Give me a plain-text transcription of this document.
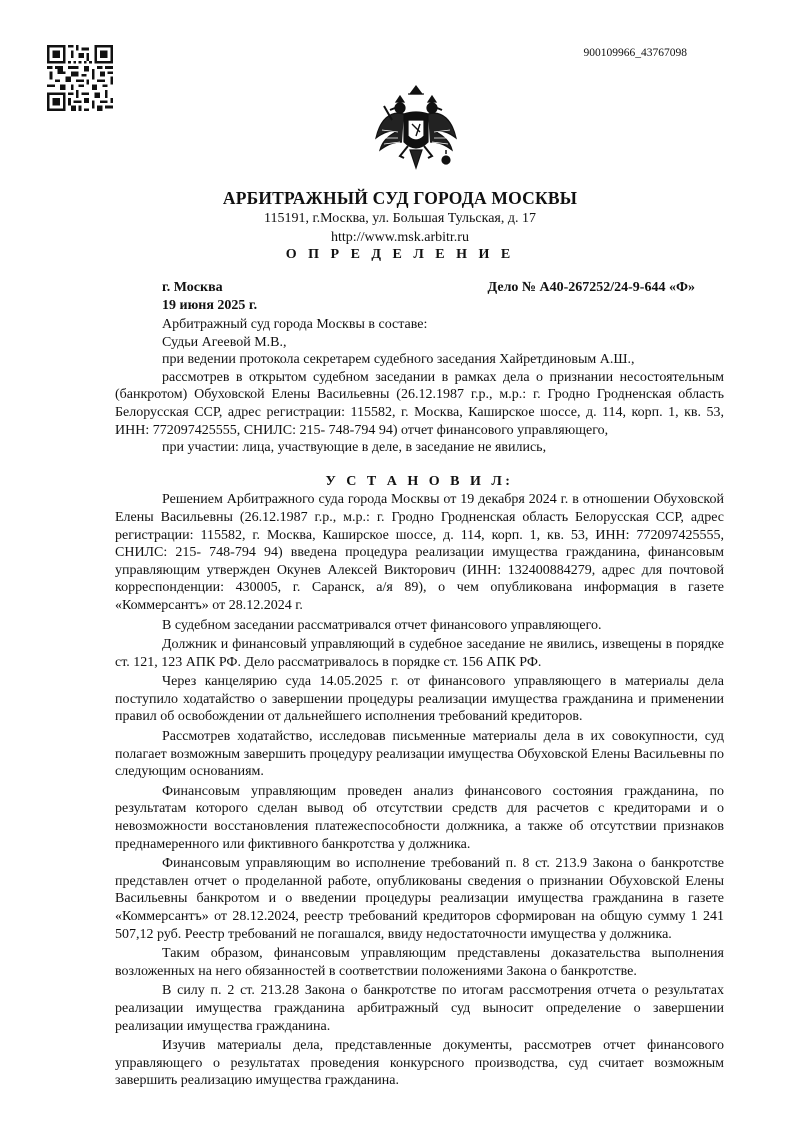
900109966_43767098
АРБИТРАЖНЫЙ СУД ГОРОДА МОСКВЫ
115191, г.Москва, ул. Большая Тульская, д. 17
http://www.msk.arbitr.ru
О П Р Е Д Е Л Е Н И Е
г. Москва	Дело № А40-267252/24-9-644 «Ф»
19 июня 2025 г.

Арбитражный суд города Москвы в составе:

Судьи Агеевой М.В.,

при ведении протокола секретарем судебного заседания Хайретдиновым А.Ш.,

рассмотрев в открытом судебном заседании в рамках дела о признании несостоятельным (банкротом) Обуховской Елены Васильевны (26.12.1987 г.р., м.р.: г. Гродно Гродненская область Белорусская ССР, адрес регистрации: 115582, г. Москва, Каширское шоссе, д. 114, корп. 1, кв. 53, ИНН: 772097425555, СНИЛС: 215- 748-794 94) отчет финансового управляющего,

при участии: лица, участвующие в деле, в заседание не явились,

У С Т А Н О В И Л:

Решением Арбитражного суда города Москвы от 19 декабря 2024 г. в отношении Обуховской Елены Васильевны (26.12.1987 г.р., м.р.: г. Гродно Гродненская область Белорусская ССР, адрес регистрации: 115582, г. Москва, Каширское шоссе, д. 114, корп. 1, кв. 53, ИНН: 772097425555, СНИЛС: 215- 748-794 94) введена процедура реализации имущества гражданина, финансовым управляющим утвержден Окунев Алексей Викторович (ИНН: 132400884279, адрес для почтовой корреспонденции: 430005, г. Саранск, а/я 89), о чем опубликована информация в газете «Коммерсантъ» от 28.12.2024 г.

В судебном заседании рассматривался отчет финансового управляющего.

Должник и финансовый управляющий в судебное заседание не явились, извещены в порядке ст. 121, 123 АПК РФ. Дело рассматривалось в порядке ст. 156 АПК РФ.

Через канцелярию суда 14.05.2025 г. от финансового управляющего в материалы дела поступило ходатайство о завершении процедуры реализации имущества гражданина и применении правил об освобождении от дальнейшего исполнения требований кредиторов.

Рассмотрев ходатайство, исследовав письменные материалы дела в их совокупности, суд полагает возможным завершить процедуру реализации имущества Обуховской Елены Васильевны по следующим основаниям.

Финансовым управляющим проведен анализ финансового состояния гражданина, по результатам которого сделан вывод об отсутствии средств для расчетов с кредиторами и о невозможности восстановления платежеспособности должника, а также об отсутствии признаков преднамеренного или фиктивного банкротства у должника.

Финансовым управляющим во исполнение требований п. 8 ст. 213.9 Закона о банкротстве представлен отчет о проделанной работе, опубликованы сведения о признании Обуховской Елены Васильевны банкротом и о введении процедуры реализации имущества гражданина в газете «Коммерсантъ» от 28.12.2024, реестр требований кредиторов сформирован на общую сумму 1 241 507,12 руб. Реестр требований не погашался, ввиду недостаточности имущества у должника.

Таким образом, финансовым управляющим представлены доказательства выполнения возложенных на него обязанностей в соответствии положениями Закона о банкротстве.

В силу п. 2 ст. 213.28 Закона о банкротстве по итогам рассмотрения отчета о результатах реализации имущества гражданина арбитражный суд выносит определение о завершении реализации имущества гражданина.

Изучив материалы дела, представленные документы, рассмотрев отчет финансового управляющего о результатах проведения конкурсного производства, суд считает возможным завершить реализацию имущества гражданина.
